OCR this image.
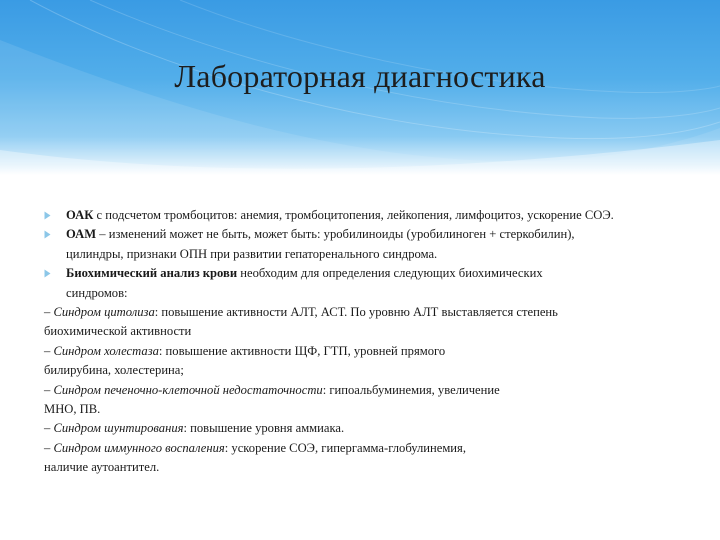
Лабораторная диагностика
ОАК с подсчетом тромбоцитов: анемия, тромбоцитопения, лейкопения, лимфоцитоз, ускорение СОЭ.
ОАМ – изменений может не быть, может быть: уробилиноиды (уробилиноген + стеркобилин),
цилиндры, признаки ОПН при развитии гепаторенального синдрома.
Биохимический анализ крови необходим для определения следующих биохимических
синдромов:
– Синдром цитолиза: повышение активности АЛТ, АСТ. По уровню АЛТ выставляется степень
биохимической активности
– Синдром холестаза: повышение активности ЩФ, ГТП, уровней прямого
билирубина, холестерина;
– Синдром печеночно-клеточной недостаточности: гипоальбуминемия, увеличение
МНО, ПВ.
– Синдром шунтирования: повышение уровня аммиака.
– Синдром иммунного воспаления: ускорение СОЭ, гипергамма-глобулинемия,
наличие аутоантител.
